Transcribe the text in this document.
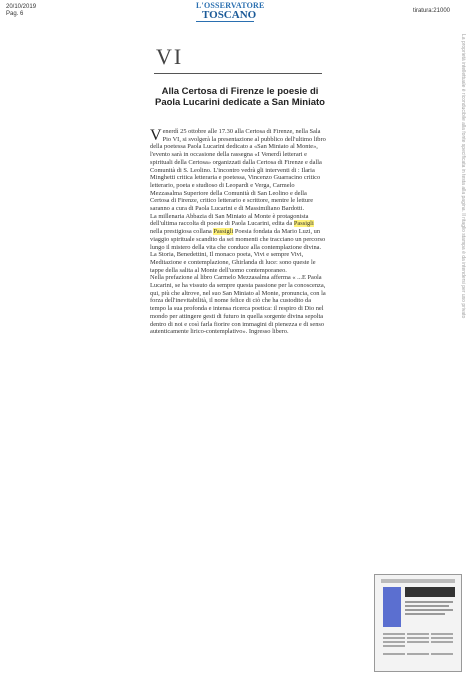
20/10/2019
Pag. 6	tiratura:21000
L'OSSERVATORE
TOSCANO
VI
Alla Certosa di Firenze le poesie di Paola Lucarini dedicate a San Miniato

Venerdì 25 ottobre alle 17.30 alla Certosa di Firenze, nella Sala Pio VI, si svolgerà la presentazione al pubblico dell'ultimo libro della poetessa Paola Lucarini dedicato a «San Miniato al Monte», l'evento sarà in occasione della rassegna «I Venerdì letterari e spirituali della Certosa» organizzati dalla Certosa di Firenze e dalla Comunità di S. Leolino. L'incontro vedrà gli interventi di : Ilaria Minghetti critica letteraria e poetessa, Vincenzo Guarracino critico letterario, poeta e studioso di Leopardi e Verga, Carmelo Mezzasalma Superiore della Comunità di San Leolino e della Certosa di Firenze, critico letterario e scrittore, mentre le letture saranno a cura di Paola Lucarini e di Massimiliano Bardotti.

La millenaria Abbazia di San Miniato al Monte è protagonista dell'ultima raccolta di poesie di Paola Lucarini, edita da Passigli nella prestigiosa collana Passigli Poesia fondata da Mario Luzi, un viaggio spirituale scandito da sei momenti che tracciano un percorso lungo il mistero della vita che conduce alla contemplazione divina. La Storia, Benedettini, Il monaco poeta, Vivi e sempre Vivi, Meditazione e contemplazione, Ghirlanda di luce: sono queste le tappe della salita al Monte dell'uomo contemporaneo.

Nella prefazione al libro Carmelo Mezzasalma afferma « ...E Paola Lucarini, se ha vissuto da sempre questa passione per la conoscenza, qui, più che altrove, nel suo San Miniato al Monte, pronuncia, con la forza dell'inevitabilità, il nome felice di ciò che ha custodito da tempo la sua profonda e intensa ricerca poetica: il respiro di Dio nel mondo per attingere gesti di futuro in quella sorgente divina sepolta dentro di noi e così farla fiorire con immagini di pienezza e di senso autenticamente lirico-contemplativo». Ingresso libero.

La proprietà intellettuale è riconducibile alla fonte specificata in testa alla pagina. Il ritaglio stampa è da intendersi per uso privato
